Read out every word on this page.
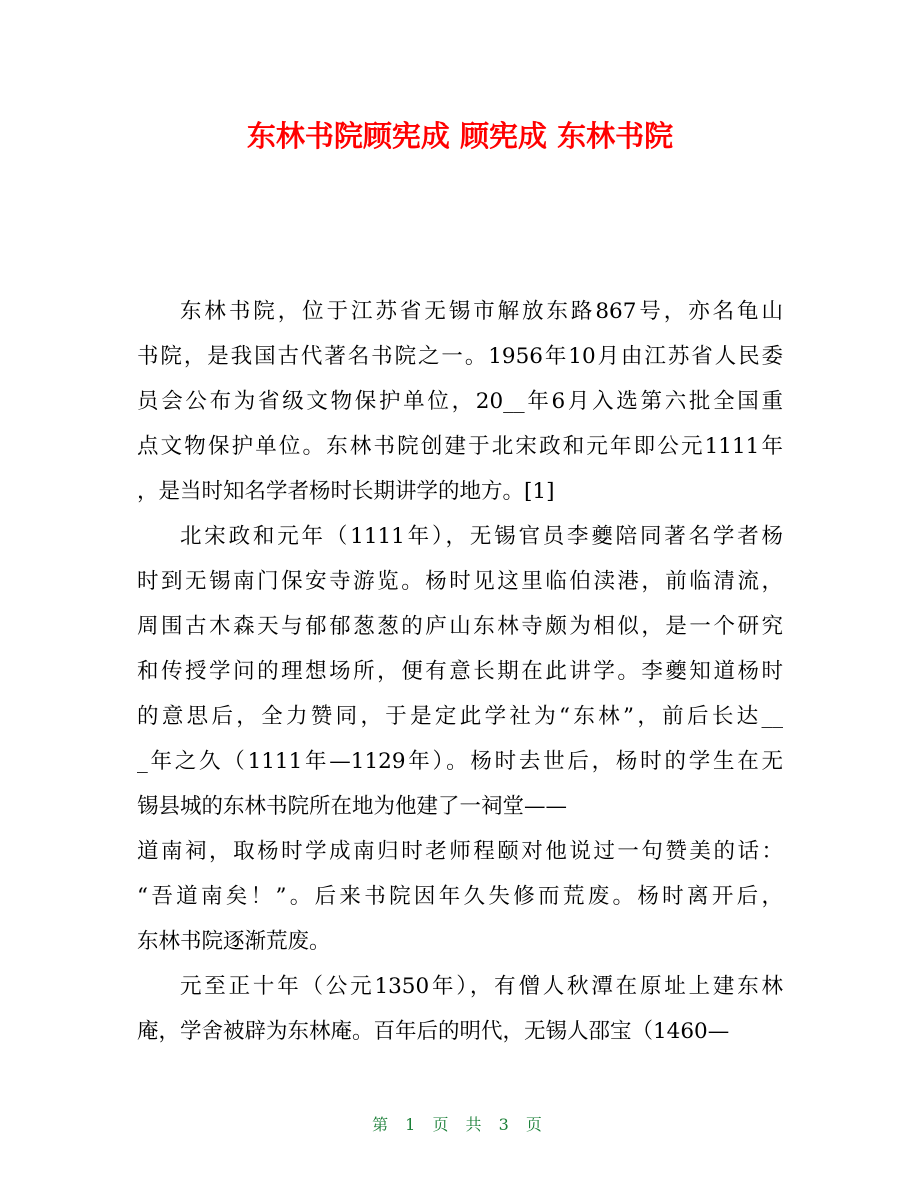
东林书院顾宪成 顾宪成 东林书院
东林书院，位于江苏省无锡市解放东路867号，亦名龟山
书院，是我国古代著名书院之一。1956年10月由江苏省人民委
员会公布为省级文物保护单位，20__年6月入选第六批全国重
点文物保护单位。东林书院创建于北宋政和元年即公元1111年
，是当时知名学者杨时长期讲学的地方。[1]
北宋政和元年（1111年），无锡官员李夔陪同著名学者杨
时到无锡南门保安寺游览。杨时见这里临伯渎港，前临清流，
周围古木森天与郁郁葱葱的庐山东林寺颇为相似，是一个研究
和传授学问的理想场所，便有意长期在此讲学。李夔知道杨时
的意思后，全力赞同，于是定此学社为“东林”，前后长达__
_年之久（1111年—1129年）。杨时去世后，杨时的学生在无
锡县城的东林书院所在地为他建了一祠堂——
道南祠，取杨时学成南归时老师程颐对他说过一句赞美的话：
“吾道南矣！”。后来书院因年久失修而荒废。杨时离开后，
东林书院逐渐荒废。
元至正十年（公元1350年），有僧人秋潭在原址上建东林
庵，学舍被辟为东林庵。百年后的明代，无锡人邵宝（1460—
第 1 页 共 3 页
